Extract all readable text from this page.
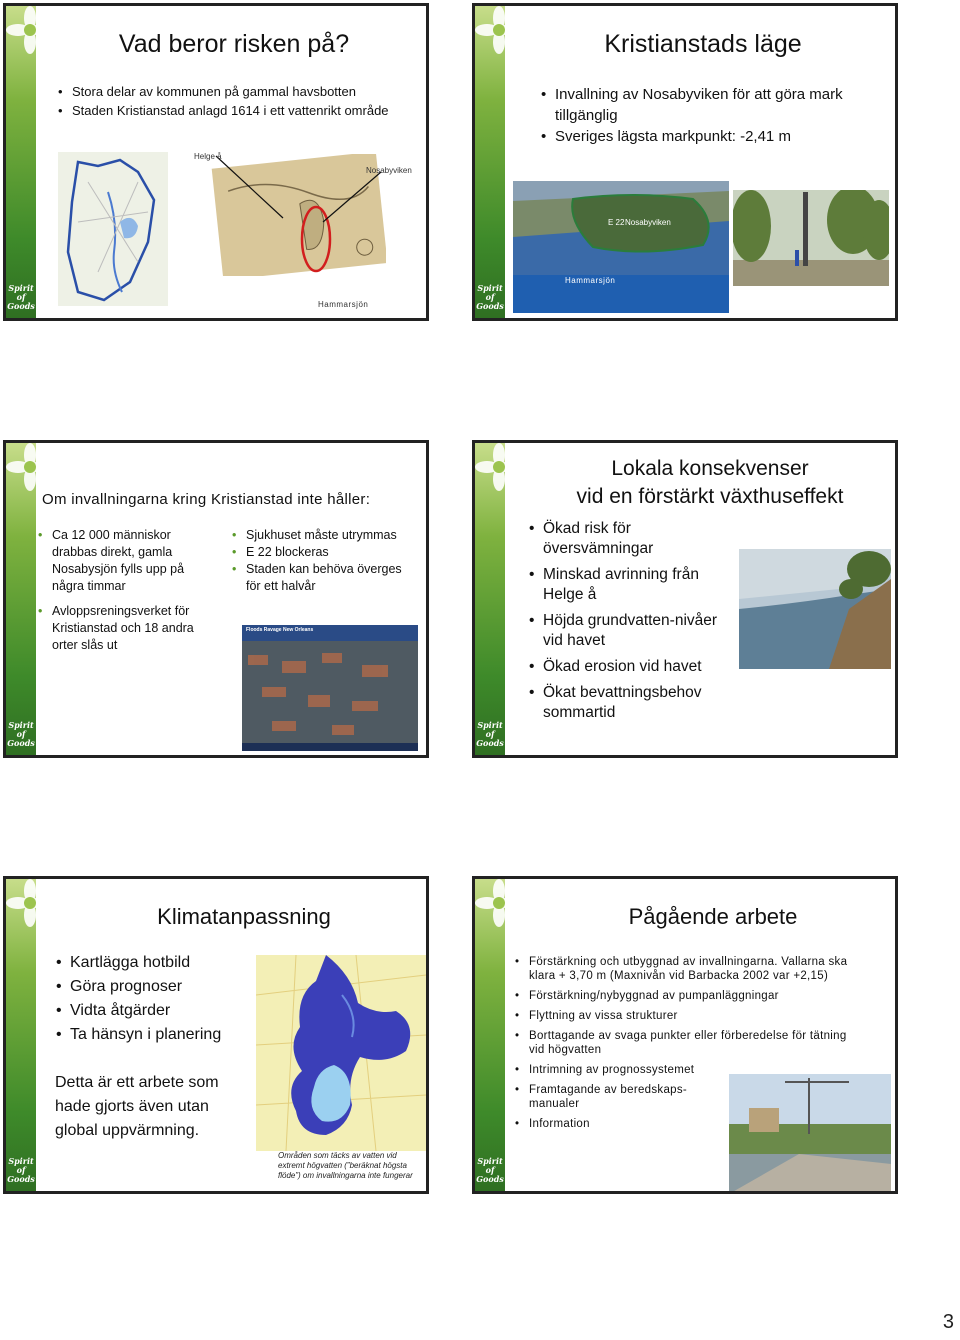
Spirit
of
Goods
Vad beror risken på?
• Stora delar av kommunen på gammal havsbotten
• Staden Kristianstad anlagd 1614 i ett vattenrikt område
Helge å
Nosabyviken
Hammarsjön
Spirit
of
Goods
Kristianstads läge
• Invallning av Nosabyviken för att göra mark tillgänglig
• Sveriges lägsta markpunkt: -2,41 m
E 22 Nosabyviken
Hammarsjön
Spirit
of
Goods
Om invallningarna kring Kristianstad inte håller:
• Ca 12 000 människor drabbas direkt, gamla Nosabysjön fylls upp på några timmar
• Avloppsreningsverket för Kristianstad och 18 andra orter slås ut
• Sjukhuset måste utrymmas
• E 22 blockeras
• Staden kan behöva överges för ett halvår
Floods Ravage New Orleans
Spirit
of
Goods
Lokala konsekvenser
vid en förstärkt växthuseffekt
• Ökad risk för översvämningar
• Minskad avrinning från Helge å
• Höjda grundvatten-nivåer vid havet
• Ökad erosion vid havet
• Ökat bevattningsbehov sommartid
Spirit
of
Goods
Klimatanpassning
• Kartlägga hotbild
• Göra prognoser
• Vidta åtgärder
• Ta hänsyn i planering
Detta är ett arbete som hade gjorts även utan global uppvärmning.
Områden som täcks av vatten vid extremt högvatten (”beräknat högsta flöde”) om invallningarna inte fungerar
Spirit
of
Goods
Pågående arbete
• Förstärkning och utbyggnad av invallningarna. Vallarna ska klara + 3,70 m (Maxnivån vid Barbacka 2002 var +2,15)
• Förstärkning/nybyggnad av pumpanläggningar
• Flyttning av vissa strukturer
• Borttagande av svaga punkter eller förberedelse för tätning vid högvatten
• Intrimning av prognossystemet
• Framtagande av beredskaps-manualer
• Information
3
